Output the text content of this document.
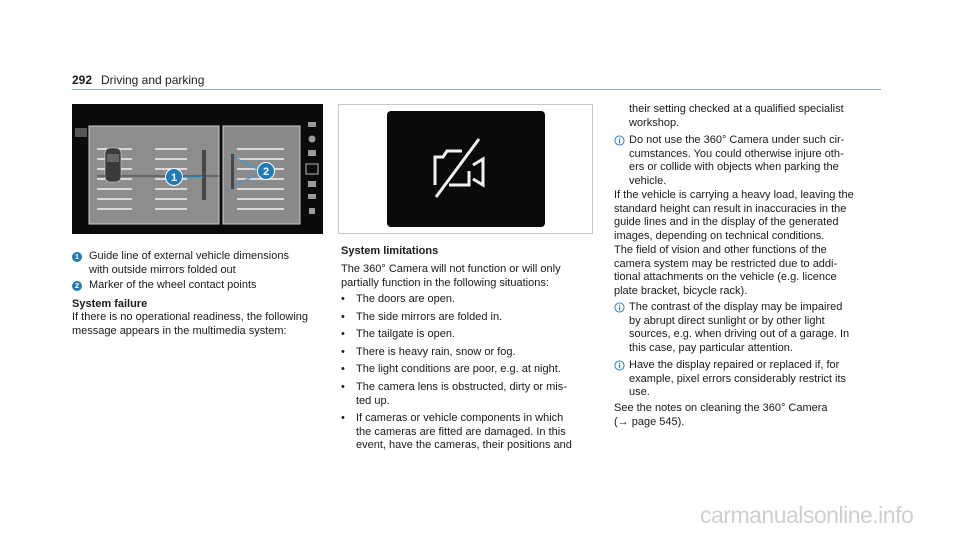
292 Driving and parking
1	2
1 Guide line of external vehicle dimensions
with outside mirrors folded out
2 Marker of the wheel contact points
System failure
If there is no operational readiness, the following
message appears in the multimedia system:
System limitations
The 360° Camera will not function or will only
partially function in the following situations:
• The doors are open.
• The side mirrors are folded in.
• The tailgate is open.
• There is heavy rain, snow or fog.
• The light conditions are poor, e.g. at night.
• The camera lens is obstructed, dirty or mis-
ted up.
• If cameras or vehicle components in which
the cameras are fitted are damaged. In this
event, have the cameras, their positions and
their setting checked at a qualified specialist
workshop.
Do not use the 360° Camera under such cir-
cumstances. You could otherwise injure oth-
ers or collide with objects when parking the
vehicle.
If the vehicle is carrying a heavy load, leaving the
standard height can result in inaccuracies in the
guide lines and in the display of the generated
images, depending on technical conditions.
The field of vision and other functions of the
camera system may be restricted due to addi-
tional attachments on the vehicle (e.g. licence
plate bracket, bicycle rack).
The contrast of the display may be impaired
by abrupt direct sunlight or by other light
sources, e.g. when driving out of a garage. In
this case, pay particular attention.
Have the display repaired or replaced if, for
example, pixel errors considerably restrict its
use.
See the notes on cleaning the 360° Camera
(→ page 545).
carmanualsonline.info
